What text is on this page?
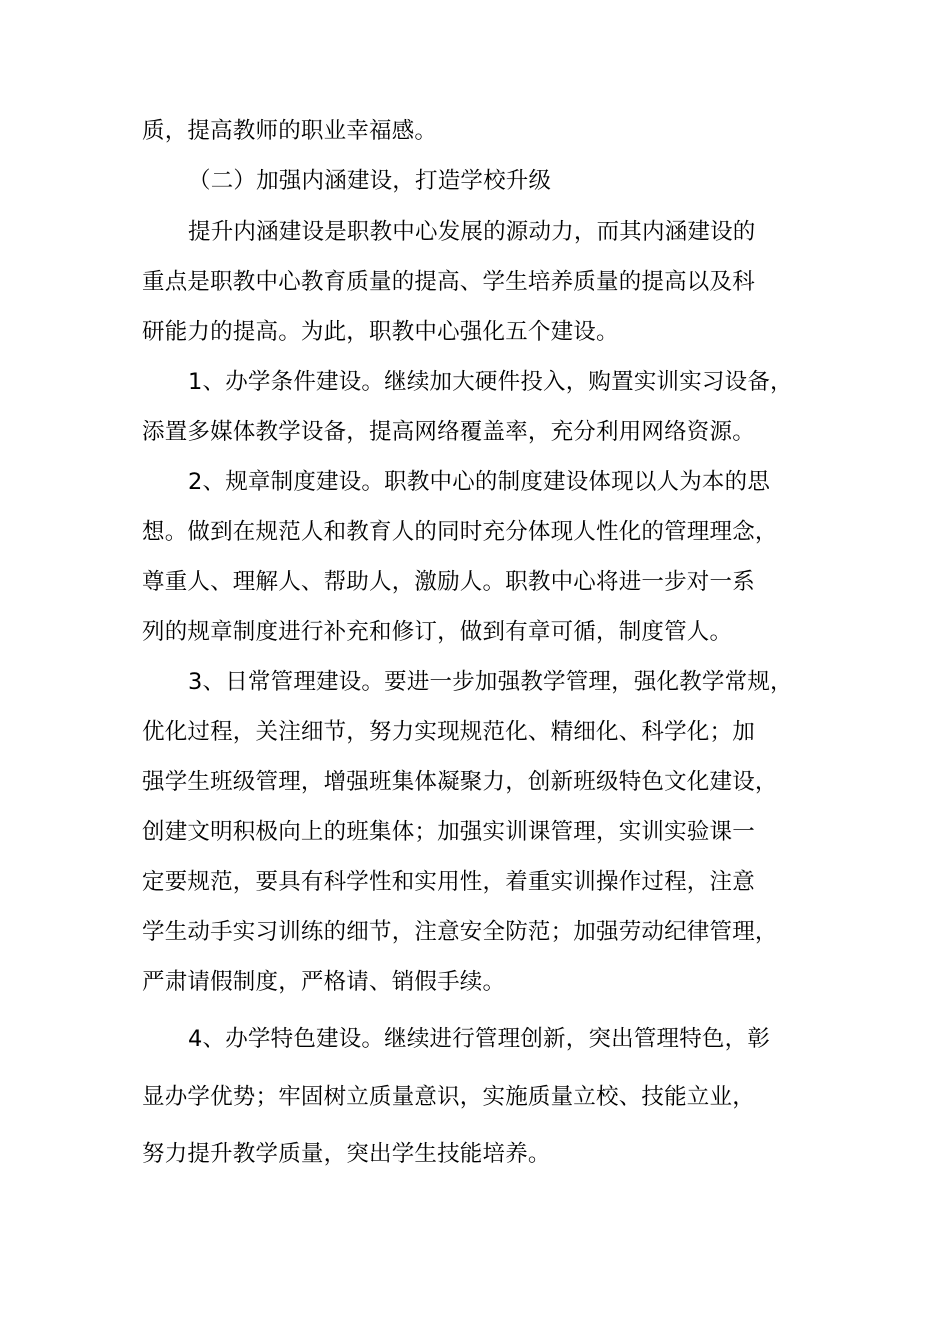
质，提高教师的职业幸福感。
（二）加强内涵建设，打造学校升级
提升内涵建设是职教中心发展的源动力，而其内涵建设的
重点是职教中心教育质量的提高、学生培养质量的提高以及科
研能力的提高。为此，职教中心强化五个建设。
1、办学条件建设。继续加大硬件投入，购置实训实习设备，
添置多媒体教学设备，提高网络覆盖率，充分利用网络资源。
2、规章制度建设。职教中心的制度建设体现以人为本的思
想。做到在规范人和教育人的同时充分体现人性化的管理理念，
尊重人、理解人、帮助人，激励人。职教中心将进一步对一系
列的规章制度进行补充和修订，做到有章可循，制度管人。
3、日常管理建设。要进一步加强教学管理，强化教学常规，
优化过程，关注细节，努力实现规范化、精细化、科学化；加
强学生班级管理，增强班集体凝聚力，创新班级特色文化建设，
创建文明积极向上的班集体；加强实训课管理，实训实验课一
定要规范，要具有科学性和实用性，着重实训操作过程，注意
学生动手实习训练的细节，注意安全防范；加强劳动纪律管理，
严肃请假制度，严格请、销假手续。
4、办学特色建设。继续进行管理创新，突出管理特色，彰
显办学优势；牢固树立质量意识，实施质量立校、技能立业，
努力提升教学质量，突出学生技能培养。
